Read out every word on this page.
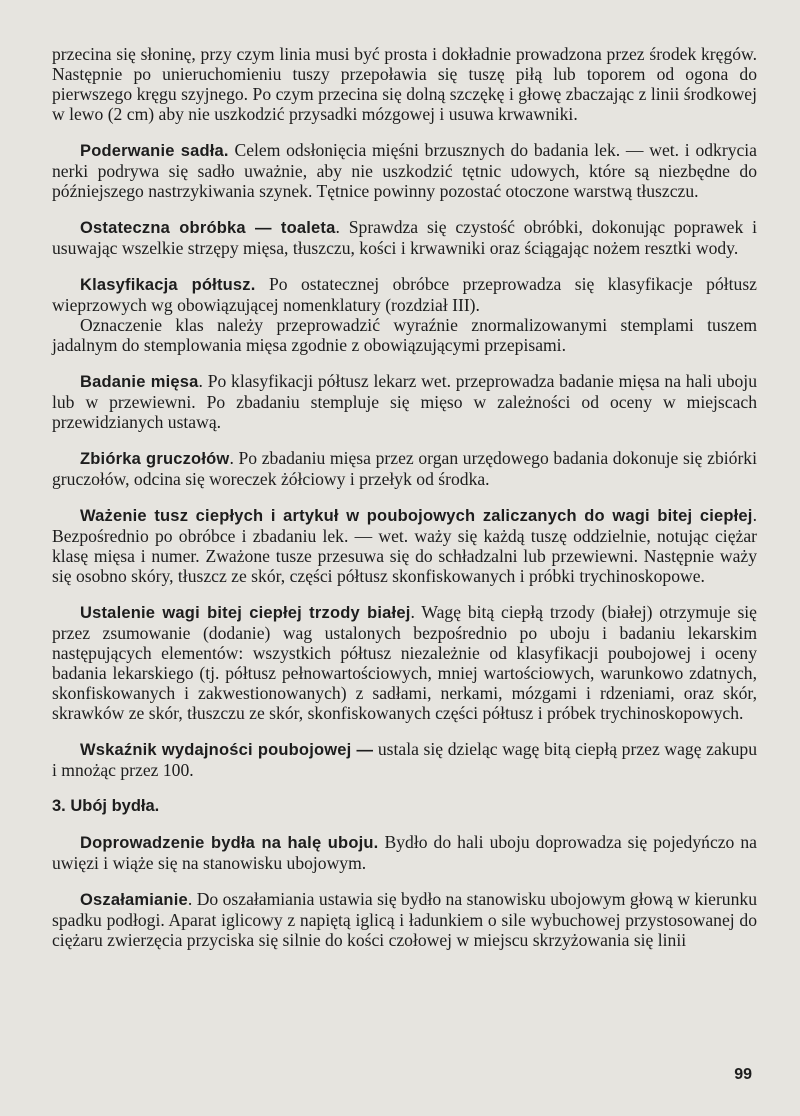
przecina się słoninę, przy czym linia musi być prosta i dokładnie prowadzona przez środek kręgów. Następnie po unieruchomieniu tuszy przepoławia się tuszę piłą lub toporem od ogona do pierwszego kręgu szyjnego. Po czym przecina się dolną szczękę i głowę zbaczając z linii środkowej w lewo (2 cm) aby nie uszkodzić przysadki mózgowej i usuwa krwawniki.

Poderwanie sadła. Celem odsłonięcia mięśni brzusznych do badania lek. — wet. i odkrycia nerki podrywa się sadło uważnie, aby nie uszkodzić tętnic udowych, które są niezbędne do późniejszego nastrzykiwania szynek. Tętnice powinny pozostać otoczone warstwą tłuszczu.

Ostateczna obróbka — toaleta. Sprawdza się czystość obróbki, dokonując poprawek i usuwając wszelkie strzępy mięsa, tłuszczu, kości i krwawniki oraz ściągając nożem resztki wody.

Klasyfikacja półtusz. Po ostatecznej obróbce przeprowadza się klasyfikacje półtusz wieprzowych wg obowiązującej nomenklatury (rozdział III).

Oznaczenie klas należy przeprowadzić wyraźnie znormalizowanymi stemplami tuszem jadalnym do stemplowania mięsa zgodnie z obowiązującymi przepisami.

Badanie mięsa. Po klasyfikacji półtusz lekarz wet. przeprowadza badanie mięsa na hali uboju lub w przewiewni. Po zbadaniu stempluje się mięso w zależności od oceny w miejscach przewidzianych ustawą.

Zbiórka gruczołów. Po zbadaniu mięsa przez organ urzędowego badania dokonuje się zbiórki gruczołów, odcina się woreczek żółciowy i przełyk od środka.

Ważenie tusz ciepłych i artykuł w poubojowych zaliczanych do wagi bitej ciepłej. Bezpośrednio po obróbce i zbadaniu lek. — wet. waży się każdą tuszę oddzielnie, notując ciężar klasę mięsa i numer. Zważone tusze przesuwa się do schładzalni lub przewiewni. Następnie waży się osobno skóry, tłuszcz ze skór, części półtusz skonfiskowanych i próbki trychinoskopowe.

Ustalenie wagi bitej ciepłej trzody białej. Wagę bitą ciepłą trzody (białej) otrzymuje się przez zsumowanie (dodanie) wag ustalonych bezpośrednio po uboju i badaniu lekarskim następujących elementów: wszystkich półtusz niezależnie od klasyfikacji poubojowej i oceny badania lekarskiego (tj. półtusz pełnowartościowych, mniej wartościowych, warunkowo zdatnych, skonfiskowanych i zakwestionowanych) z sadłami, nerkami, mózgami i rdzeniami, oraz skór, skrawków ze skór, tłuszczu ze skór, skonfiskowanych części półtusz i próbek trychinoskopowych.

Wskaźnik wydajności poubojowej — ustala się dzieląc wagę bitą ciepłą przez wagę zakupu i mnożąc przez 100.

3. Ubój bydła.

Doprowadzenie bydła na halę uboju. Bydło do hali uboju doprowadza się pojedyńczo na uwięzi i wiąże się na stanowisku ubojowym.

Oszałamianie. Do oszałamiania ustawia się bydło na stanowisku ubojowym głową w kierunku spadku podłogi. Aparat iglicowy z napiętą iglicą i ładunkiem o sile wybuchowej przystosowanej do ciężaru zwierzęcia przyciska się silnie do kości czołowej w miejscu skrzyżowania się linii

99
